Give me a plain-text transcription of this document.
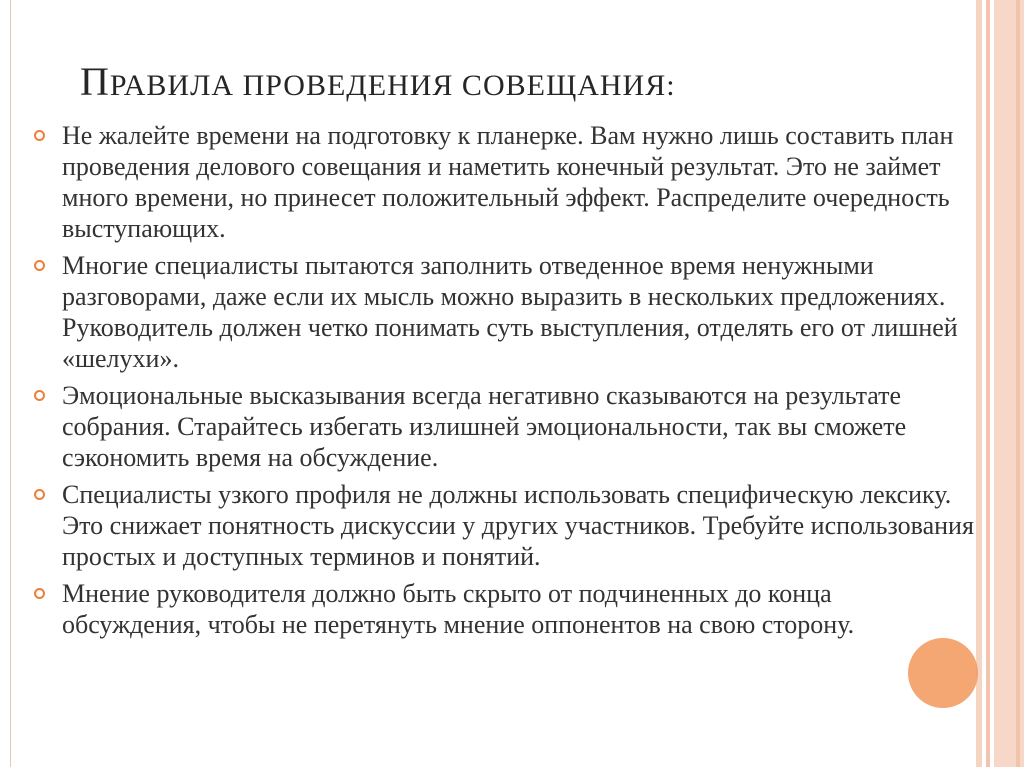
ПРАВИЛА ПРОВЕДЕНИЯ СОВЕЩАНИЯ:

Не жалейте времени на подготовку к планерке. Вам нужно лишь составить план проведения делового совещания и наметить конечный результат. Это не займет много времени, но принесет положительный эффект. Распределите очередность выступающих.

Многие специалисты пытаются заполнить отведенное время ненужными разговорами, даже если их мысль можно выразить в нескольких предложениях. Руководитель должен четко понимать суть выступления, отделять его от лишней «шелухи».

Эмоциональные высказывания всегда негативно сказываются на результате собрания. Старайтесь избегать излишней эмоциональности, так вы сможете сэкономить время на обсуждение.

Специалисты узкого профиля не должны использовать специфическую лексику. Это снижает понятность дискуссии у других участников. Требуйте использования простых и доступных терминов и понятий.

Мнение руководителя должно быть скрыто от подчиненных до конца обсуждения, чтобы не перетянуть мнение оппонентов на свою сторону.
